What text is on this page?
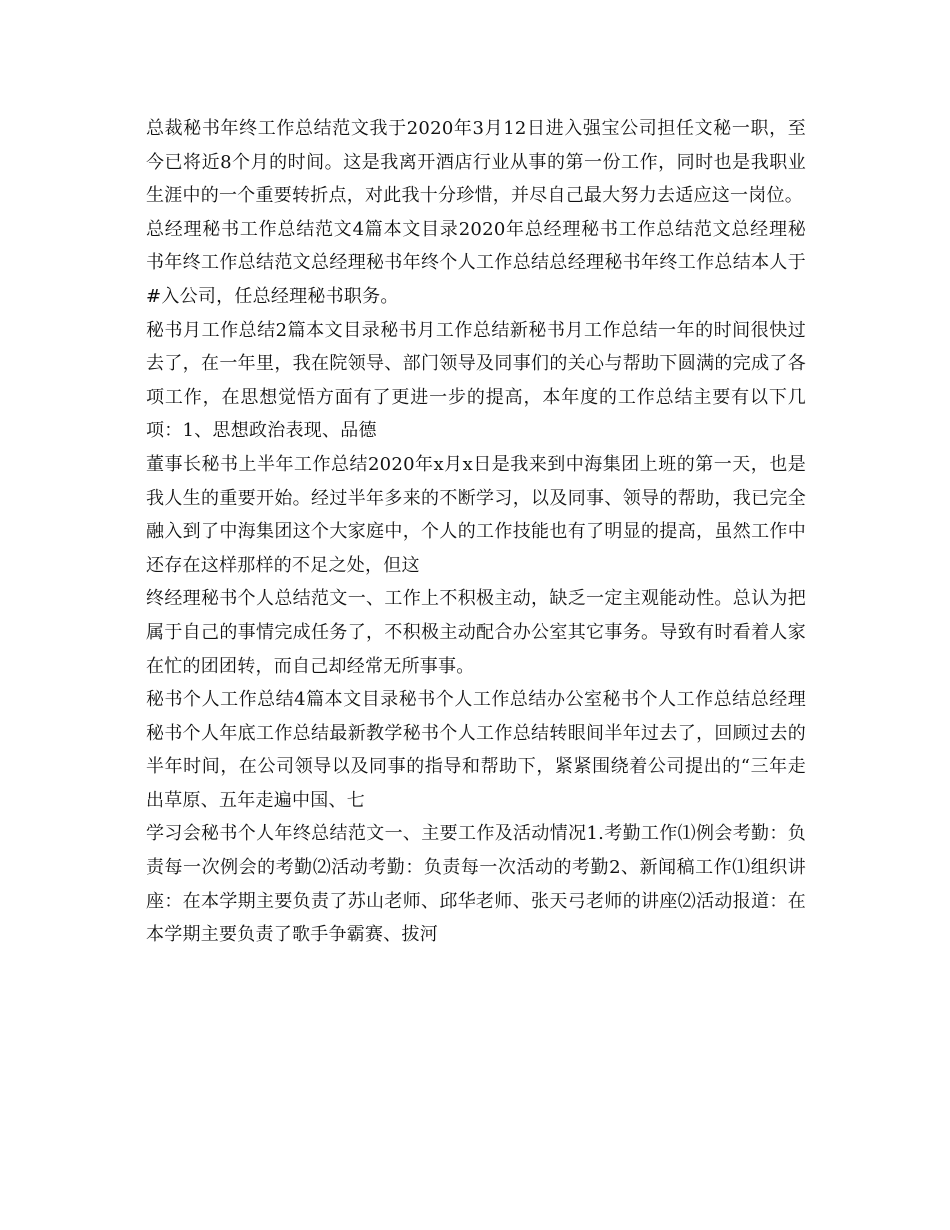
总裁秘书年终工作总结范文我于2020年3月12日进入强宝公司担任文秘一职，至今已将近8个月的时间。这是我离开酒店行业从事的第一份工作，同时也是我职业生涯中的一个重要转折点，对此我十分珍惜，并尽自己最大努力去适应这一岗位。

总经理秘书工作总结范文4篇本文目录2020年总经理秘书工作总结范文总经理秘书年终工作总结范文总经理秘书年终个人工作总结总经理秘书年终工作总结本人于#入公司，任总经理秘书职务。

秘书月工作总结2篇本文目录秘书月工作总结新秘书月工作总结一年的时间很快过去了，在一年里，我在院领导、部门领导及同事们的关心与帮助下圆满的完成了各项工作，在思想觉悟方面有了更进一步的提高，本年度的工作总结主要有以下几项：1、思想政治表现、品德

董事长秘书上半年工作总结2020年x月x日是我来到中海集团上班的第一天，也是我人生的重要开始。经过半年多来的不断学习，以及同事、领导的帮助，我已完全融入到了中海集团这个大家庭中，个人的工作技能也有了明显的提高，虽然工作中还存在这样那样的不足之处，但这

终经理秘书个人总结范文一、工作上不积极主动，缺乏一定主观能动性。总认为把属于自己的事情完成任务了，不积极主动配合办公室其它事务。导致有时看着人家在忙的团团转，而自己却经常无所事事。

秘书个人工作总结4篇本文目录秘书个人工作总结办公室秘书个人工作总结总经理秘书个人年底工作总结最新教学秘书个人工作总结转眼间半年过去了，回顾过去的半年时间，在公司领导以及同事的指导和帮助下，紧紧围绕着公司提出的“三年走出草原、五年走遍中国、七

学习会秘书个人年终总结范文一、主要工作及活动情况1.考勤工作⑴例会考勤：负责每一次例会的考勤⑵活动考勤：负责每一次活动的考勤2、新闻稿工作⑴组织讲座：在本学期主要负责了苏山老师、邱华老师、张天弓老师的讲座⑵活动报道：在本学期主要负责了歌手争霸赛、拔河
